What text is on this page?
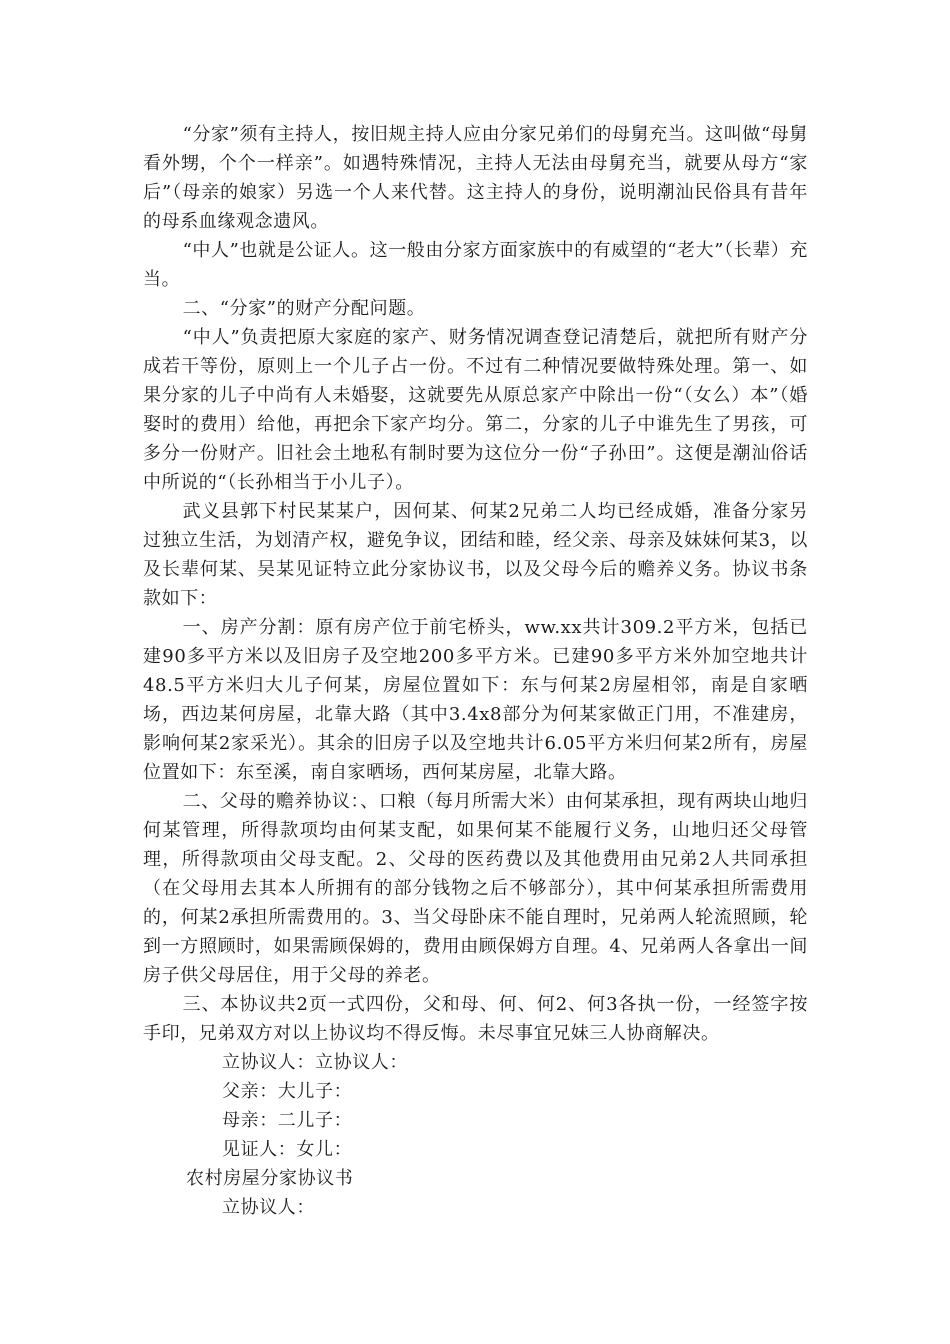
“分家”须有主持人，按旧规主持人应由分家兄弟们的母舅充当。这叫做“母舅看外甥，个个一样亲”。如遇特殊情况，主持人无法由母舅充当，就要从母方“家后”（母亲的娘家）另选一个人来代替。这主持人的身份，说明潮汕民俗具有昔年的母系血缘观念遗风。

“中人”也就是公证人。这一般由分家方面家族中的有威望的“老大”（长辈）充当。

二、“分家”的财产分配问题。

“中人”负责把原大家庭的家产、财务情况调查登记清楚后，就把所有财产分成若干等份，原则上一个儿子占一份。不过有二种情况要做特殊处理。第一、如果分家的儿子中尚有人未婚娶，这就要先从原总家产中除出一份“（女么）本”（婚娶时的费用）给他，再把余下家产均分。第二，分家的儿子中谁先生了男孩，可多分一份财产。旧社会土地私有制时要为这位分一份“子孙田”。这便是潮汕俗话中所说的“（长孙相当于小儿子）。

武义县郭下村民某某户，因何某、何某2兄弟二人均已经成婚，准备分家另过独立生活，为划清产权，避免争议，团结和睦，经父亲、母亲及妹妹何某3，以及长辈何某、吴某见证特立此分家协议书，以及父母今后的赡养义务。协议书条款如下：

一、房产分割：原有房产位于前宅桥头，ww.xx共计309.2平方米，包括已建90多平方米以及旧房子及空地200多平方米。已建90多平方米外加空地共计48.5平方米归大儿子何某，房屋位置如下：东与何某2房屋相邻，南是自家晒场，西边某何房屋，北靠大路（其中3.4x8部分为何某家做正门用，不准建房，影响何某2家采光）。其余的旧房子以及空地共计6.05平方米归何某2所有，房屋位置如下：东至溪，南自家晒场，西何某房屋，北靠大路。

二、父母的赡养协议：、口粮（每月所需大米）由何某承担，现有两块山地归何某管理，所得款项均由何某支配，如果何某不能履行义务，山地归还父母管理，所得款项由父母支配。2、父母的医药费以及其他费用由兄弟2人共同承担（在父母用去其本人所拥有的部分钱物之后不够部分），其中何某承担所需费用的，何某2承担所需费用的。3、当父母卧床不能自理时，兄弟两人轮流照顾，轮到一方照顾时，如果需顾保姆的，费用由顾保姆方自理。4、兄弟两人各拿出一间房子供父母居住，用于父母的养老。

三、本协议共2页一式四份，父和母、何、何2、何3各执一份，一经签字按手印，兄弟双方对以上协议均不得反悔。未尽事宜兄妹三人协商解决。

立协议人：立协议人：
父亲：大儿子：
母亲：二儿子：
见证人：女儿：
农村房屋分家协议书
立协议人：
